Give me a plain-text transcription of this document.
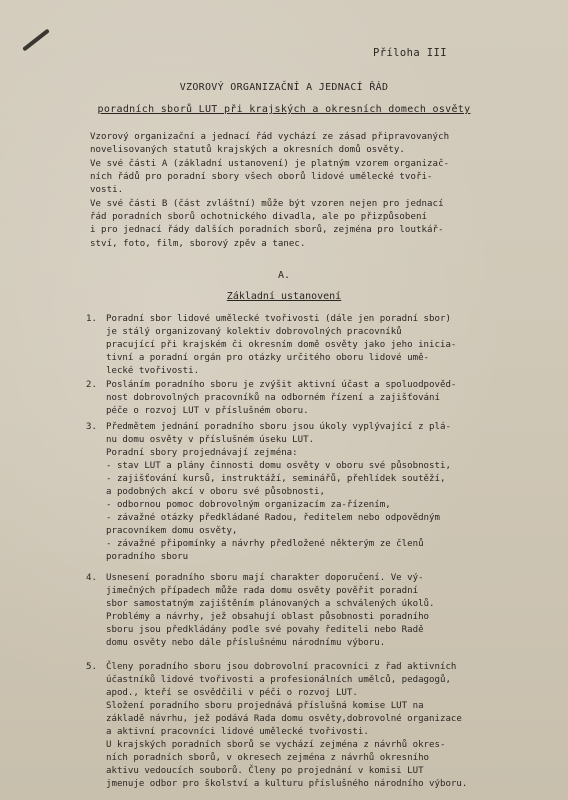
Příloha III
VZOROVÝ ORGANIZAČNÍ A JEDNACÍ ŘÁD
poradních sborů LUT při krajských a okresních domech osvěty
Vzorový organizační a jednací řád vychází ze zásad připravovaných
novelisovaných statutů krajských a okresních domů osvěty.
Ve své části A (základní ustanovení) je platným vzorem organizač-
ních řádů pro poradní sbory všech oborů lidové umělecké tvoři-
vosti.
Ve své části B (část zvláštní) může být vzoren nejen pro jednací
řád poradních sborů ochotnického divadla, ale po přizpůsobení
i pro jednací řády dalších poradních sborů, zejména pro loutkář-
ství, foto, film, sborový zpěv a tanec.
A.
Základní ustanovení
1. Poradní sbor lidové umělecké tvořivosti (dále jen poradní sbor)
je stálý organizovaný kolektiv dobrovolných pracovníků
pracující při krajském či okresním domě osvěty jako jeho inicia-
tivní a poradní orgán pro otázky určitého oboru lidové umě-
lecké tvořivosti.
2. Posláním poradního sboru je zvýšit aktivní účast a spoluodpověd-
nost dobrovolných pracovníků na odborném řízení a zajišťování
péče o rozvoj LUT v příslušném oboru.
3. Předmětem jednání poradního sboru jsou úkoly vyplývající z plá-
nu domu osvěty v příslušném úseku LUT.
Poradní sbory projednávají zejména:
- stav LUT a plány činnosti domu osvěty v oboru své působnosti,
- zajišťování kursů, instruktáží, seminářů, přehlídek soutěží,
a podobných akcí v oboru své působnosti,
- odbornou pomoc dobrovolným organizacím za-řízením,
- závažné otázky předkládané Radou, ředitelem nebo odpovědným
pracovníkem domu osvěty,
- závažné připomínky a návrhy předložené některým ze členů
poradního sboru
4. Usnesení poradního sboru mají charakter doporučení. Ve vý-
jimečných případech může rada domu osvěty pověřit poradní
sbor samostatným zajištěním plánovaných a schválených úkolů.
Problémy a návrhy, jež obsahují oblast působnosti poradního
sboru jsou předkládány podle své povahy řediteli nebo Radě
domu osvěty nebo dále příslušnému národnímu výboru.
5. Členy poradního sboru jsou dobrovolní pracovníci z řad aktivních
účastníků lidové tvořivosti a profesionálních umělců, pedagogů,
apod., kteří se osvědčili v péči o rozvoj LUT.
Složení poradního sboru projednává příslušná komise LUT na
základě návrhu, jež podává Rada domu osvěty,dobrovolné organizace
a aktivní pracovníci lidové umělecké tvořivosti.
U krajských poradních sborů se vychází zejména z návrhů okres-
ních poradních sborů, v okresech zejména z návrhů okresního
aktivu vedoucích souborů. Členy po projednání v komisi LUT
jmenuje odbor pro školství a kulturu příslušného národního výboru.
